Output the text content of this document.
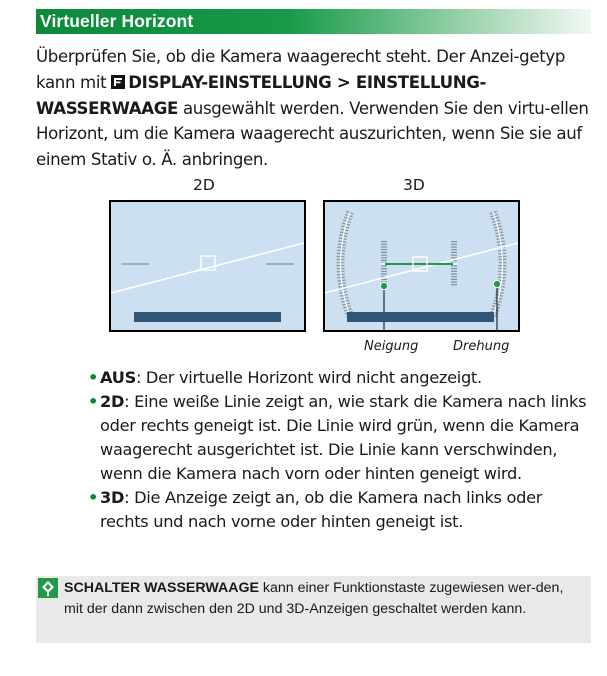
Virtueller Horizont

Überprüfen Sie, ob die Kamera waagerecht steht. Der Anzei-getyp kann mit DISPLAY-EINSTELLUNG > EINSTELLUNG-WASSERWAAGE ausgewählt werden. Verwenden Sie den virtu-ellen Horizont, um die Kamera waagerecht auszurichten, wenn Sie sie auf einem Stativ o. Ä. anbringen.

2D	3D
Neigung	Drehung
• AUS: Der virtuelle Horizont wird nicht angezeigt.
• 2D: Eine weiße Linie zeigt an, wie stark die Kamera nach links oder rechts geneigt ist. Die Linie wird grün, wenn die Kamera waagerecht ausgerichtet ist. Die Linie kann verschwinden, wenn die Kamera nach vorn oder hinten geneigt wird.
• 3D: Die Anzeige zeigt an, ob die Kamera nach links oder rechts und nach vorne oder hinten geneigt ist.

SCHALTER WASSERWAAGE kann einer Funktionstaste zugewiesen wer-den, mit der dann zwischen den 2D und 3D-Anzeigen geschaltet werden kann.
